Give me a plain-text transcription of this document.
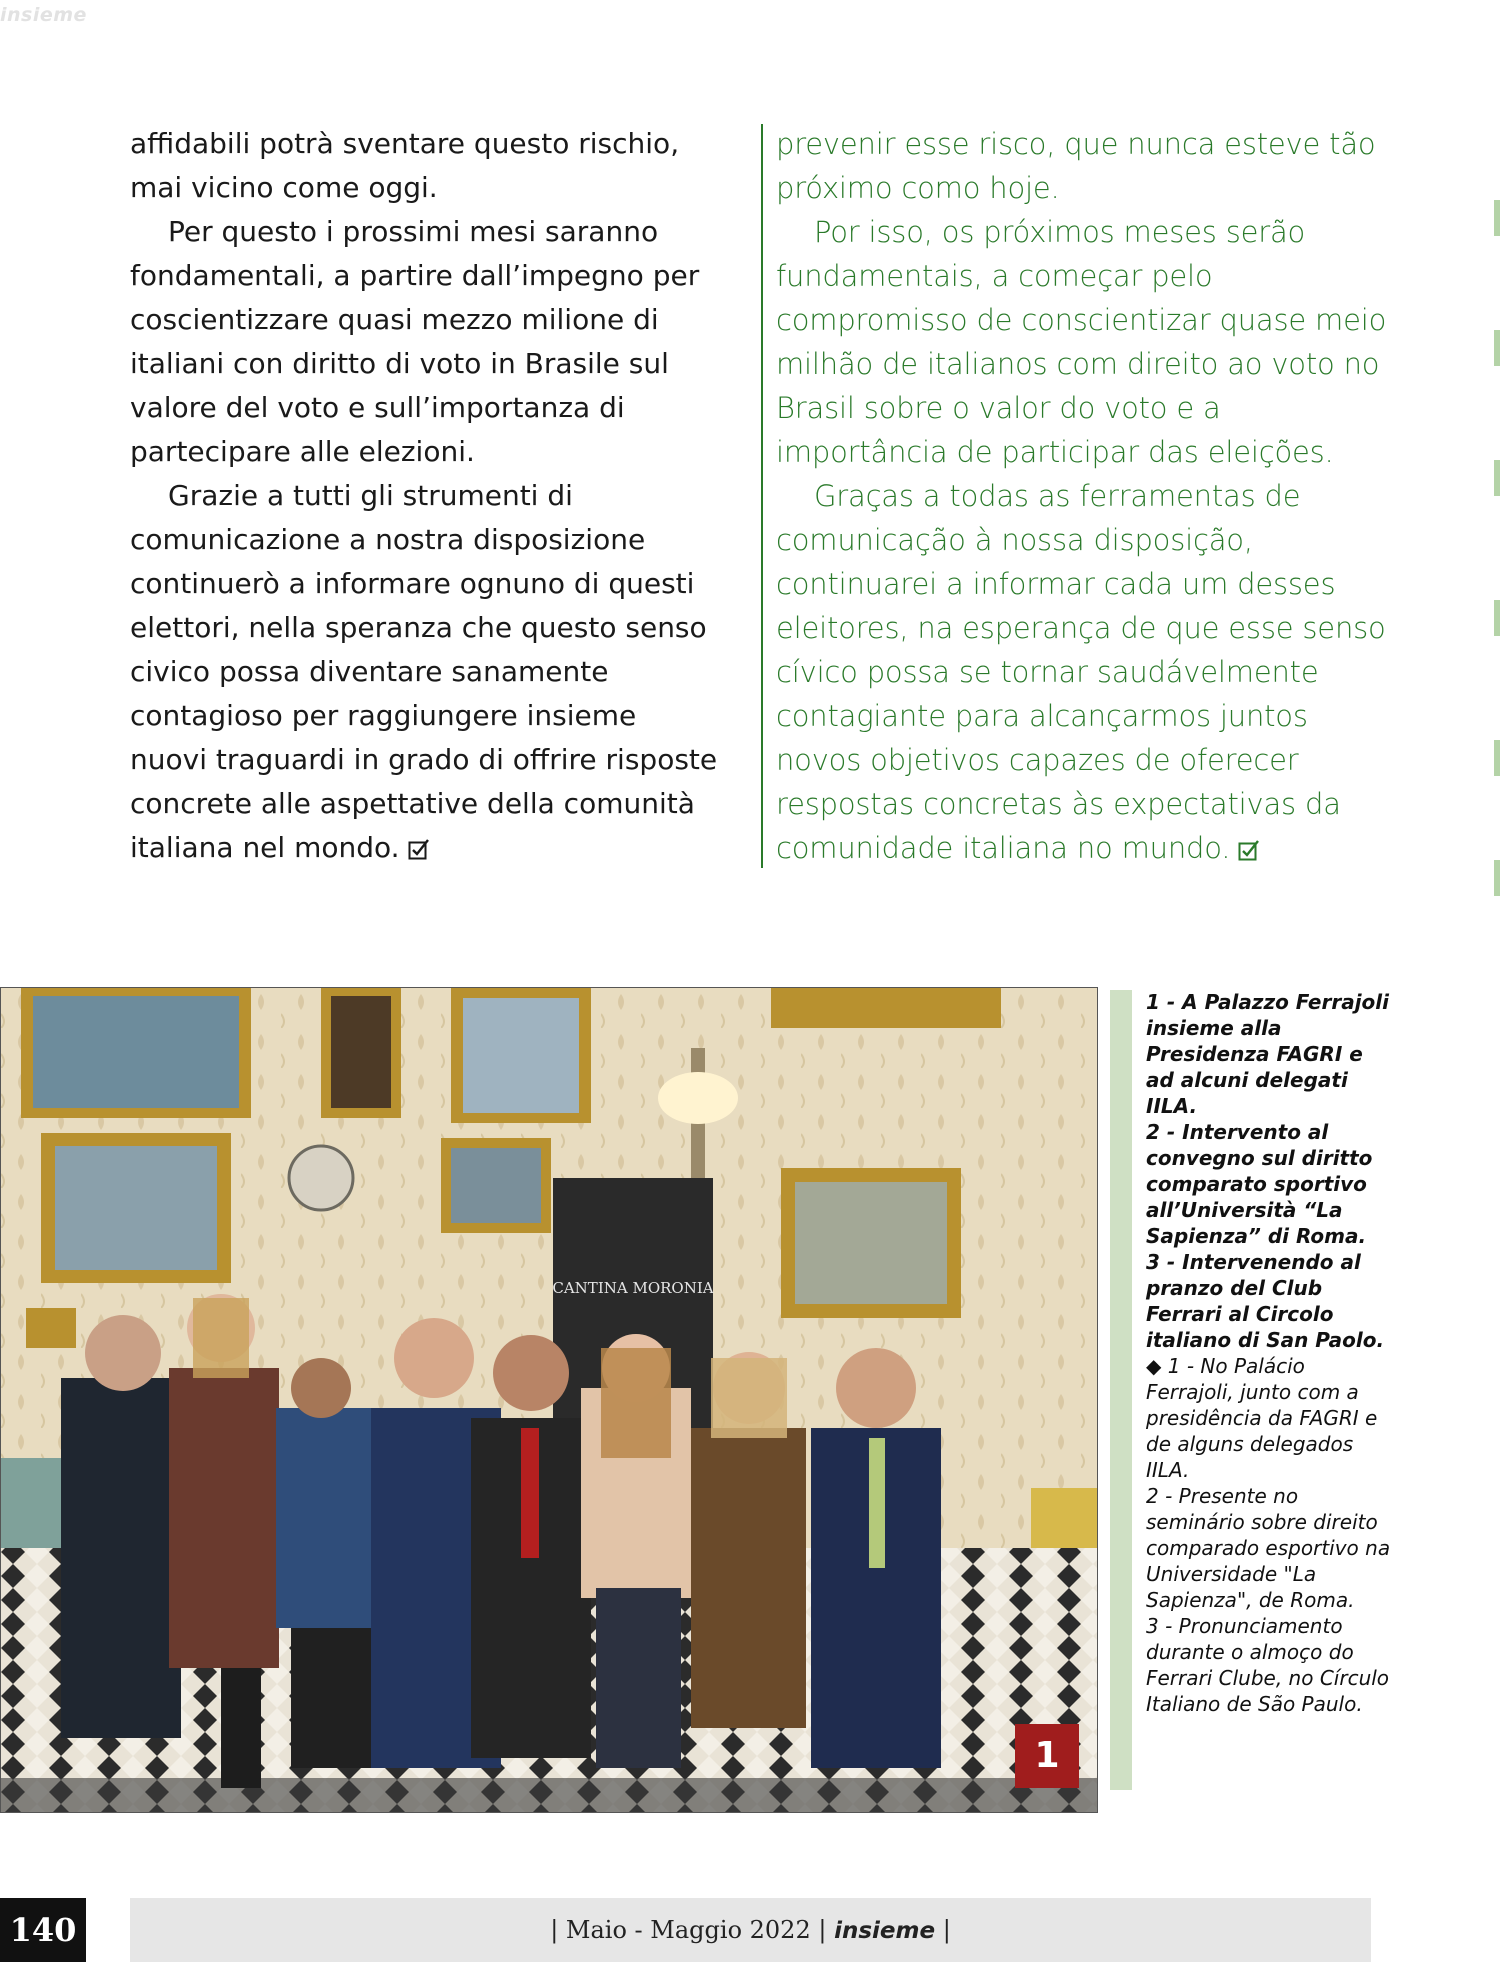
insieme

affidabili potrà sventare questo rischio, mai vicino come oggi.

Per questo i prossimi mesi saranno fondamentali, a partire dall’impegno per coscientizzare quasi mezzo milione di italiani con diritto di voto in Brasile sul valore del voto e sull’importanza di partecipare alle elezioni.

Grazie a tutti gli strumenti di comunicazione a nostra disposizione continuerò a informare ognuno di questi elettori, nella speranza che questo senso civico possa diventare sanamente contagioso per raggiungere insieme nuovi traguardi in grado di offrire risposte concrete alle aspettative della comunità italiana nel mondo.

prevenir esse risco, que nunca esteve tão próximo como hoje.

Por isso, os próximos meses serão fundamentais, a começar pelo compromisso de conscientizar quase meio milhão de italianos com direito ao voto no Brasil sobre o valor do voto e a importância de participar das eleições.

Graças a todas as ferramentas de comunicação à nossa disposição, continuarei a informar cada um desses eleitores, na esperança de que esse senso cívico possa se tornar saudávelmente contagiante para alcançarmos juntos novos objetivos capazes de oferecer respostas concretas às expectativas da comunidade italiana no mundo.

CANTINA MORONIA
1

1 - A Palazzo Ferrajoli insieme alla Presidenza FAGRI e ad alcuni delegati IILA.

2 - Intervento al convegno sul diritto comparato sportivo all’Università “La Sapienza” di Roma.

3 - Intervenendo al pranzo del Club Ferrari al Circolo italiano di San Paolo.

◆ 1 - No Palácio Ferrajoli, junto com a presidência da FAGRI e de alguns delegados IILA.

2 - Presente no seminário sobre direito comparado esportivo na Universidade "La Sapienza", de Roma.

3 - Pronunciamento durante o almoço do Ferrari Clube, no Círculo Italiano de São Paulo.

140	| Maio - Maggio 2022 | insieme |
